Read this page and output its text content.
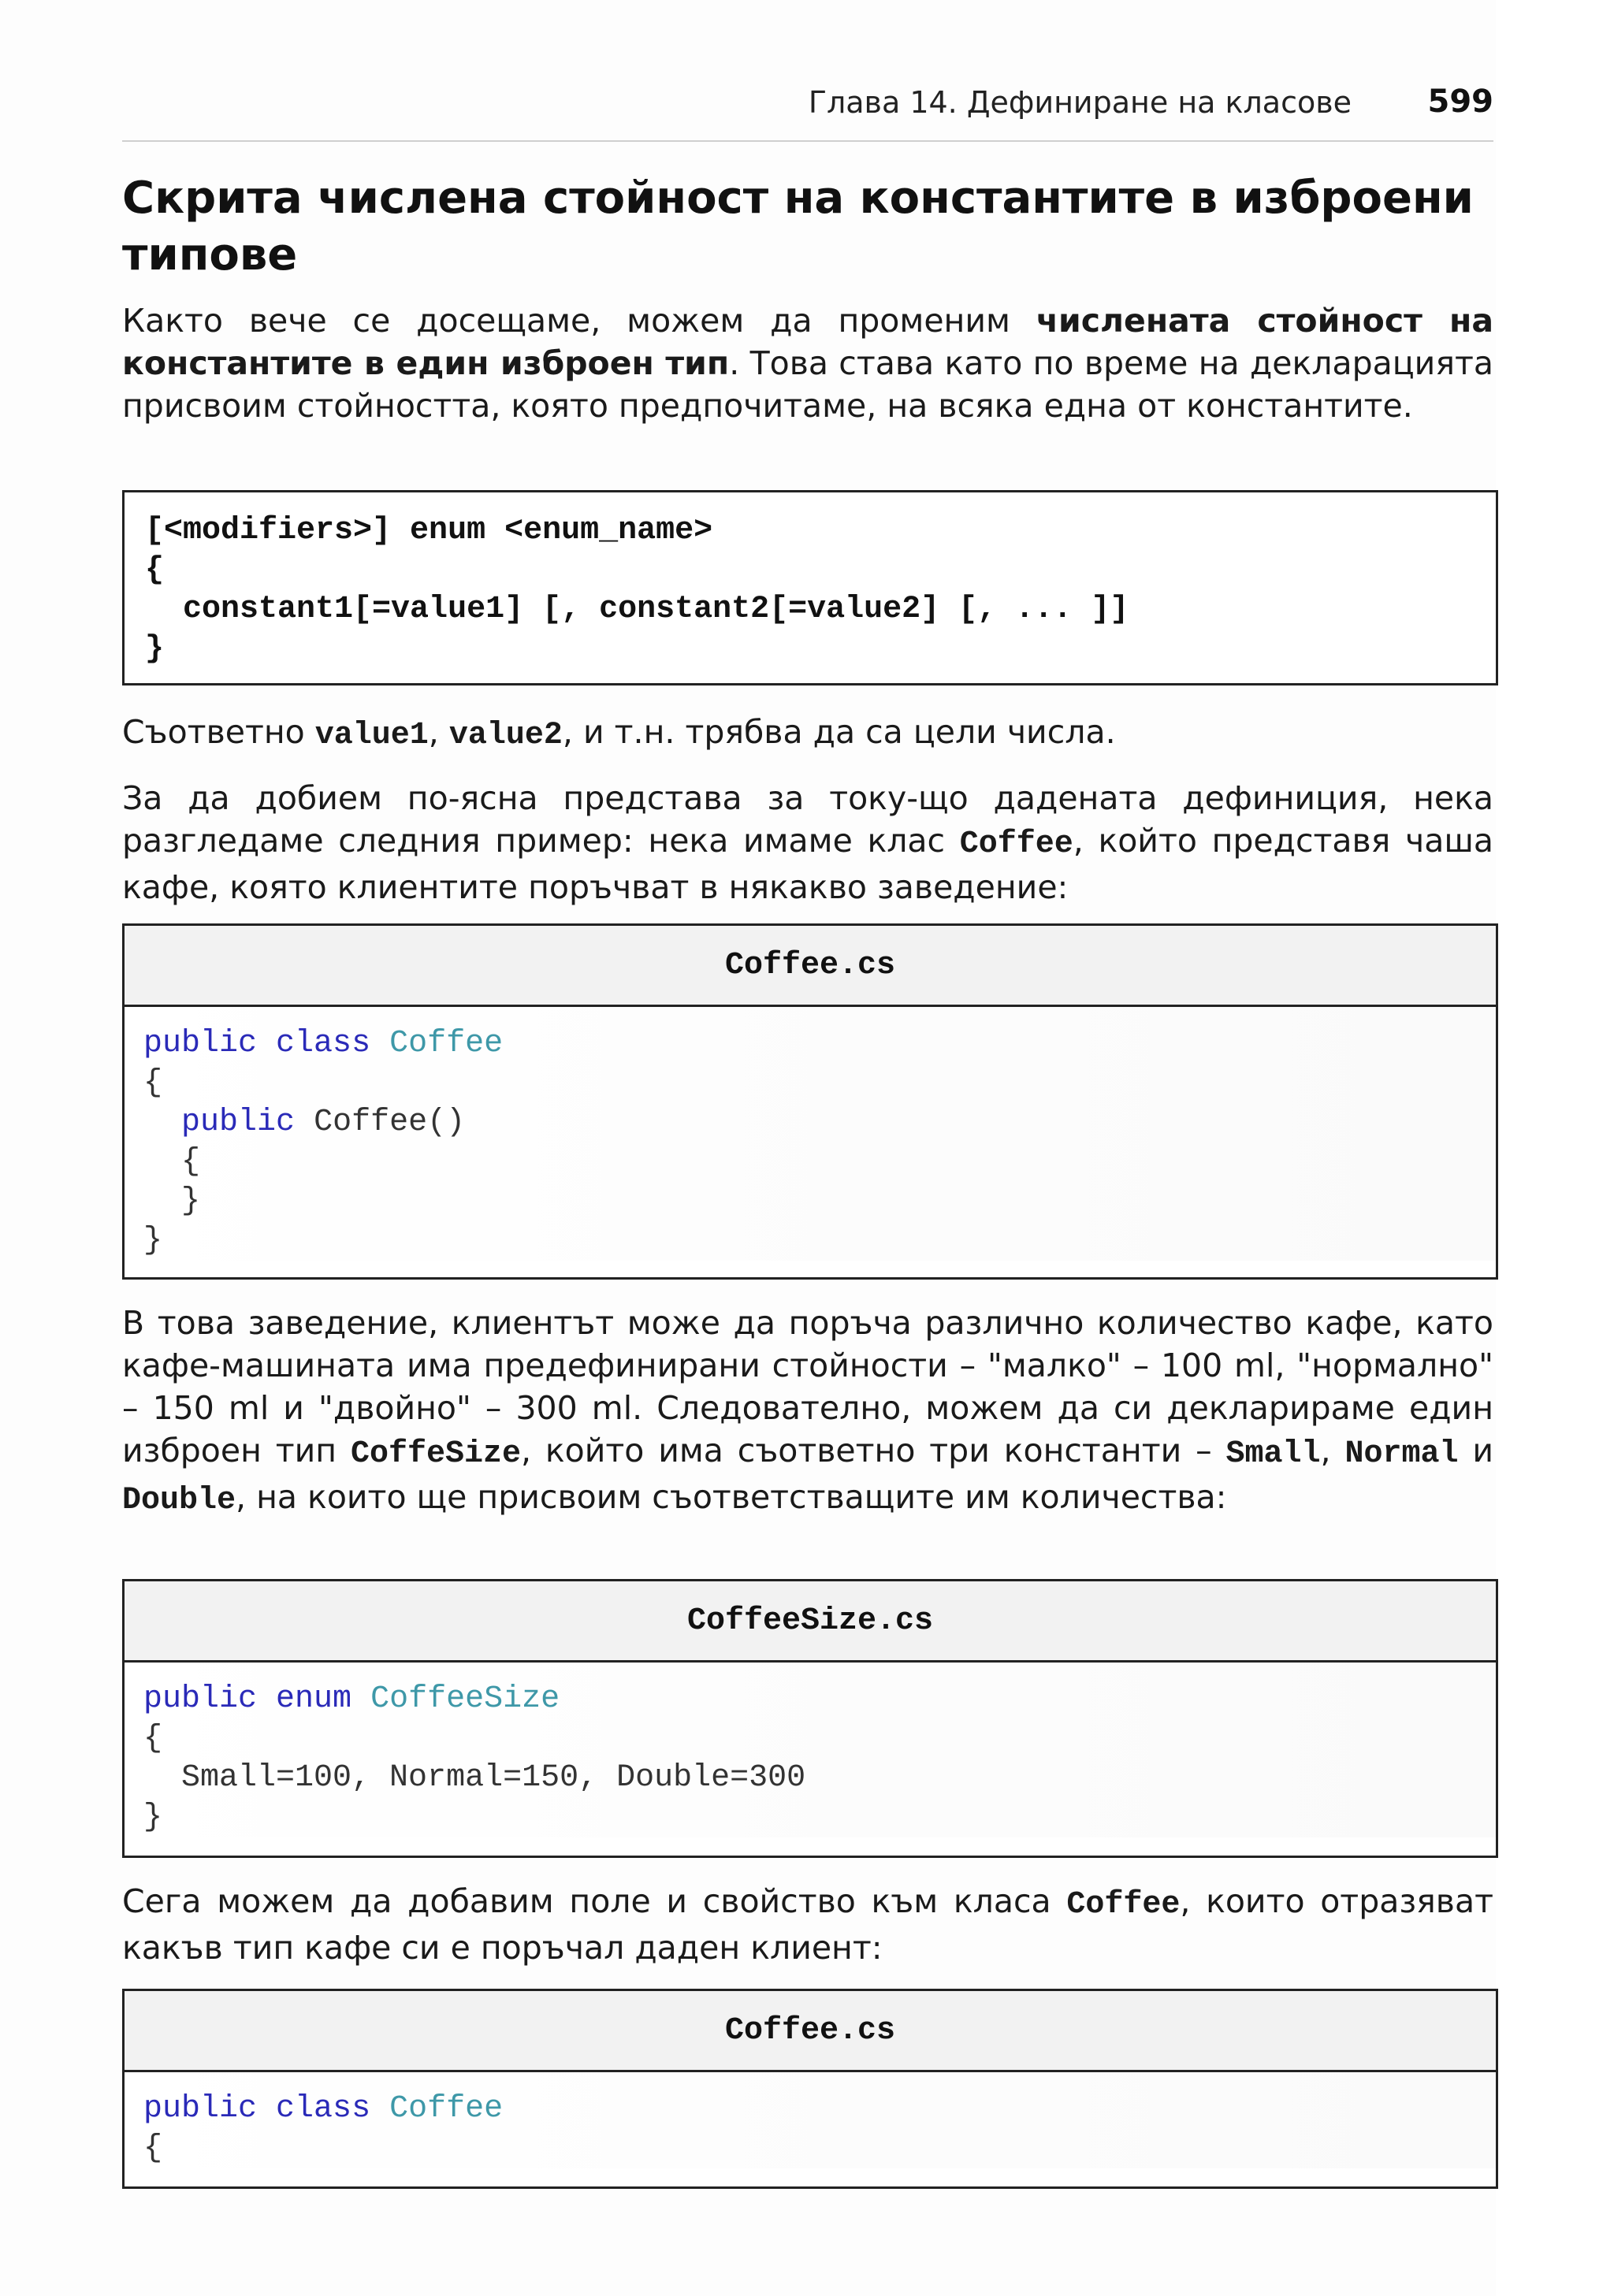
Глава 14. Дефиниране на класове 599
Скрита числена стойност на константите в изброени типове

Както вече се досещаме, можем да променим числената стойност на константите в един изброен тип. Това става като по време на декларацията присвоим стойността, която предпочитаме, на всяка една от константите.

[<modifiers>] enum <enum_name>
{
constant1[=value1] [, constant2[=value2] [, ... ]]
}

Съответно value1, value2, и т.н. трябва да са цели числа.

За да добием по-ясна представа за току-що дадената дефиниция, нека разгледаме следния пример: нека имаме клас Coffee, който представя чаша кафе, която клиентите поръчват в някакво заведение:

Coffee.cs
public class Coffee
{
public Coffee()
{
}
}

В това заведение, клиентът може да поръча различно количество кафе, като кафе-машината има предефинирани стойности – "малко" – 100 ml, "нормално" – 150 ml и "двойно" – 300 ml. Следователно, можем да си декларираме един изброен тип CoffeSize, който има съответно три константи – Small, Normal и Double, на които ще присвоим съответстващите им количества:

CoffeeSize.cs
public enum CoffeeSize
{
Small=100, Normal=150, Double=300
}

Сега можем да добавим поле и свойство към класа Coffee, които отразяват какъв тип кафе си е поръчал даден клиент:

Coffee.cs
public class Coffee
{
